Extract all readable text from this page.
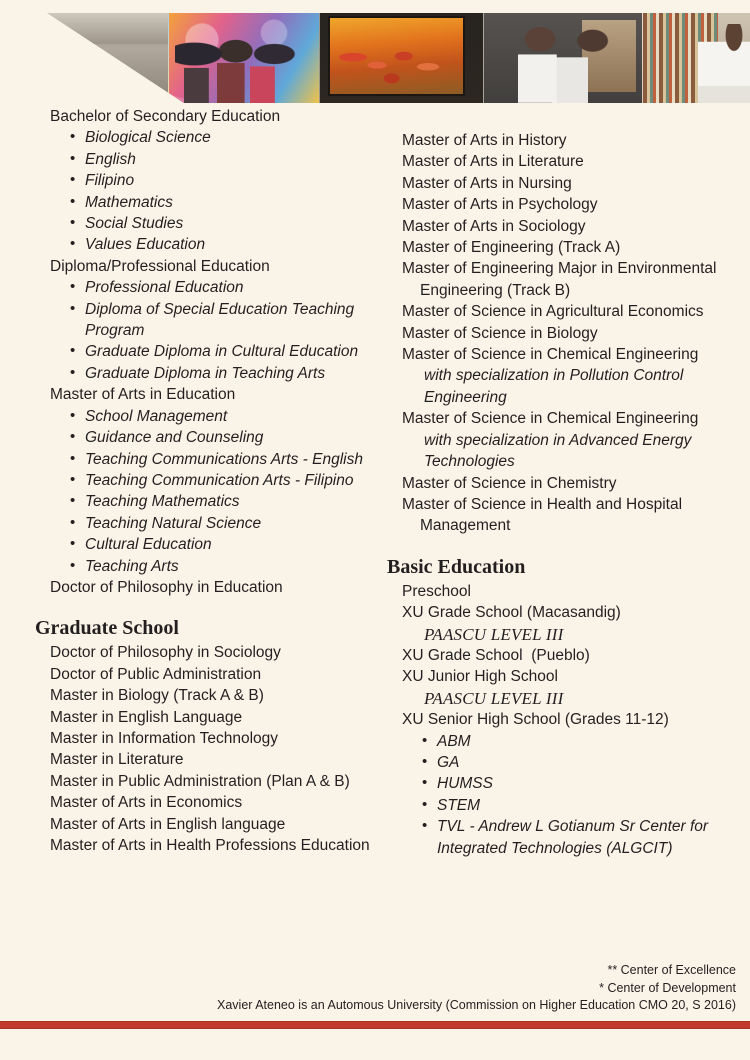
Bachelor of Secondary Education
• Biological Science
• English
• Filipino
• Mathematics
• Social Studies
• Values Education
Diploma/Professional Education
• Professional Education
• Diploma of Special Education Teaching Program
• Graduate Diploma in Cultural Education
• Graduate Diploma in Teaching Arts
Master of Arts in Education
• School Management
• Guidance and Counseling
• Teaching Communications Arts - English
• Teaching Communication Arts - Filipino
• Teaching Mathematics
• Teaching Natural Science
• Cultural Education
• Teaching Arts
Doctor of Philosophy in Education
Graduate School
Doctor of Philosophy in Sociology
Doctor of Public Administration
Master in Biology (Track A & B)
Master in English Language
Master in Information Technology
Master in Literature
Master in Public Administration (Plan A & B)
Master of Arts in Economics
Master of Arts in English language
Master of Arts in Health Professions Education
Master of Arts in History
Master of Arts in Literature
Master of Arts in Nursing
Master of Arts in Psychology
Master of Arts in Sociology
Master of Engineering (Track A)
Master of Engineering Major in Environmental Engineering (Track B)
Master of Science in Agricultural Economics
Master of Science in Biology
Master of Science in Chemical Engineering
with specialization in Pollution Control Engineering
Master of Science in Chemical Engineering
with specialization in Advanced Energy Technologies
Master of Science in Chemistry
Master of Science in Health and Hospital Management
Basic Education
Preschool
XU Grade School (Macasandig)
PAASCU LEVEL III
XU Grade School  (Pueblo)
XU Junior High School
PAASCU LEVEL III
XU Senior High School (Grades 11-12)
• ABM
• GA
• HUMSS
• STEM
• TVL - Andrew L Gotianum Sr Center for Integrated Technologies (ALGCIT)
** Center of Excellence
* Center of Development
Xavier Ateneo is an Automous University (Commission on Higher Education CMO 20, S 2016)
